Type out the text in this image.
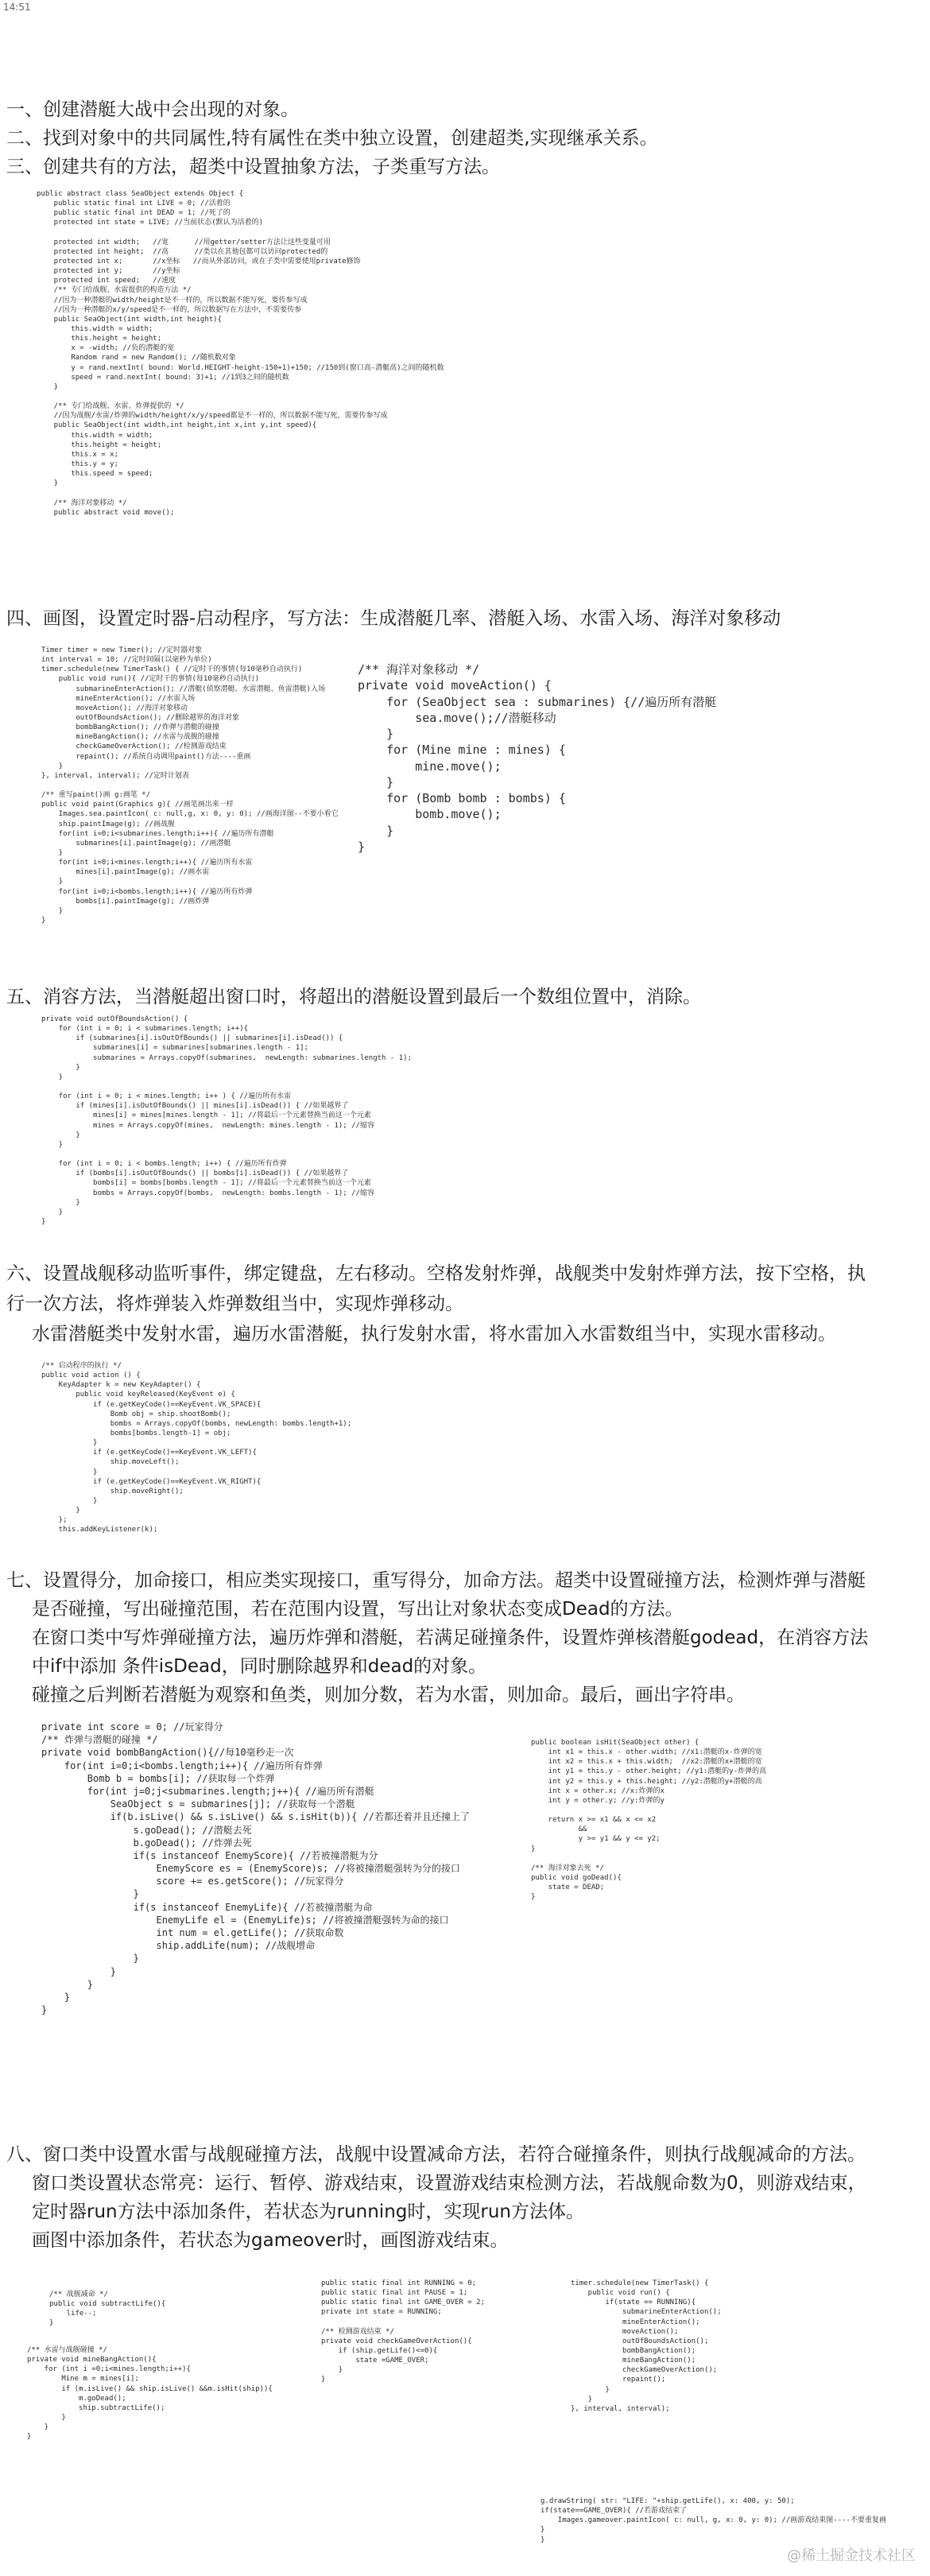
14:51
一、创建潜艇大战中会出现的对象。
二、找到对象中的共同属性,特有属性在类中独立设置，创建超类,实现继承关系。
三、创建共有的方法，超类中设置抽象方法，子类重写方法。
public abstract class SeaObject extends Object {
public static final int LIVE = 0; //活着的
public static final int DEAD = 1; //死了的
protected int state = LIVE; //当前状态(默认为活着的)

protected int width;   //宽      //用getter/setter方法让这些变量可用
protected int height;  //高      //类以在其他包都可以访问protected的
protected int x;       //x坐标   //而从外部访问，或在子类中需要使用private修饰
protected int y;       //y坐标
protected int speed;   //速度
/** 专门给战舰、水雷提供的构造方法 */
//因为一种潜艇的width/height是不一样的，所以数据不能写死，要传参写成
//因为一种潜艇的x/y/speed是不一样的，所以数据写在方法中，不需要传参
public SeaObject(int width,int height){
this.width = width;
this.height = height;
x = -width; //负的潜艇的宽
Random rand = new Random(); //随机数对象
y = rand.nextInt( bound: World.HEIGHT-height-150+1)+150; //150到(窗口高-潜艇高)之间的随机数
speed = rand.nextInt( bound: 3)+1; //1到3之间的随机数
}

/** 专门给战舰、水雷、炸弹提供的 */
//因为战舰/水雷/炸弹的width/height/x/y/speed都是不一样的，所以数据不能写死，需要传参写成
public SeaObject(int width,int height,int x,int y,int speed){
this.width = width;
this.height = height;
this.x = x;
this.y = y;
this.speed = speed;
}

/** 海洋对象移动 */
public abstract void move();
四、画图，设置定时器-启动程序，写方法：生成潜艇几率、潜艇入场、水雷入场、海洋对象移动
Timer timer = new Timer(); //定时器对象
int interval = 10; //定时间隔(以毫秒为单位)
timer.schedule(new TimerTask() { //定时干的事情(每10毫秒自动执行)
public void run(){ //定时干的事情(每10毫秒自动执行)
submarineEnterAction(); //潜艇(侦察潜艇、水雷潜艇、鱼雷潜艇)入场
mineEnterAction(); //水雷入场
moveAction(); //海洋对象移动
outOfBoundsAction(); //删除越界的海洋对象
bombBangAction(); //炸弹与潜艇的碰撞
mineBangAction(); //水雷与战舰的碰撞
checkGameOverAction(); //检测游戏结束
repaint(); //系统自动调用paint()方法----重画
}
}, interval, interval); //定时计划表

/** 重写paint()画 g:画笔 */
public void paint(Graphics g){ //画笔画出来一样
Images.sea.paintIcon( c: null,g, x: 0, y: 0); //画海洋图--不要小看它
ship.paintImage(g); //画战舰
for(int i=0;i<submarines.length;i++){ //遍历所有潜艇
submarines[i].paintImage(g); //画潜艇
}
for(int i=0;i<mines.length;i++){ //遍历所有水雷
mines[i].paintImage(g); //画水雷
}
for(int i=0;i<bombs.length;i++){ //遍历所有炸弹
bombs[i].paintImage(g); //画炸弹
}
}
/** 海洋对象移动 */
private void moveAction() {
for (SeaObject sea : submarines) {//遍历所有潜艇
sea.move();//潜艇移动
}
for (Mine mine : mines) {
mine.move();
}
for (Bomb bomb : bombs) {
bomb.move();
}
}
五、消容方法，当潜艇超出窗口时，将超出的潜艇设置到最后一个数组位置中，消除。
private void outOfBoundsAction() {
for (int i = 0; i < submarines.length; i++){
if (submarines[i].isOutOfBounds() || submarines[i].isDead()) {
submarines[i] = submarines[submarines.length - 1];
submarines = Arrays.copyOf(submarines,  newLength: submarines.length - 1);
}
}

for (int i = 0; i < mines.length; i++ ) { //遍历所有水雷
if (mines[i].isOutOfBounds() || mines[i].isDead()) { //如果越界了
mines[i] = mines[mines.length - 1]; //将最后一个元素替换当前这一个元素
mines = Arrays.copyOf(mines,  newLength: mines.length - 1); //缩容
}
}

for (int i = 0; i < bombs.length; i++) { //遍历所有炸弹
if (bombs[i].isOutOfBounds() || bombs[i].isDead()) { //如果越界了
bombs[i] = bombs[bombs.length - 1]; //将最后一个元素替换当前这一个元素
bombs = Arrays.copyOf(bombs,  newLength: bombs.length - 1); //缩容
}
}
}
六、设置战舰移动监听事件，绑定键盘，左右移动。空格发射炸弹，战舰类中发射炸弹方法，按下空格，执
行一次方法，将炸弹装入炸弹数组当中，实现炸弹移动。
水雷潜艇类中发射水雷，遍历水雷潜艇，执行发射水雷，将水雷加入水雷数组当中，实现水雷移动。
/** 启动程序的执行 */
public void action () {
KeyAdapter k = new KeyAdapter() {
public void keyReleased(KeyEvent e) {
if (e.getKeyCode()==KeyEvent.VK_SPACE){
Bomb obj = ship.shootBomb();
bombs = Arrays.copyOf(bombs, newLength: bombs.length+1);
bombs[bombs.length-1] = obj;
}
if (e.getKeyCode()==KeyEvent.VK_LEFT){
ship.moveLeft();
}
if (e.getKeyCode()==KeyEvent.VK_RIGHT){
ship.moveRight();
}
}
};
this.addKeyListener(k);
七、设置得分，加命接口，相应类实现接口，重写得分，加命方法。超类中设置碰撞方法，检测炸弹与潜艇
是否碰撞，写出碰撞范围，若在范围内设置，写出让对象状态变成Dead的方法。
在窗口类中写炸弹碰撞方法，遍历炸弹和潜艇，若满足碰撞条件，设置炸弹核潜艇godead，在消容方法
中if中添加 条件isDead，同时删除越界和dead的对象。
碰撞之后判断若潜艇为观察和鱼类，则加分数，若为水雷，则加命。最后，画出字符串。
private int score = 0; //玩家得分
/** 炸弹与潜艇的碰撞 */
private void bombBangAction(){//每10毫秒走一次
for(int i=0;i<bombs.length;i++){ //遍历所有炸弹
Bomb b = bombs[i]; //获取每一个炸弹
for(int j=0;j<submarines.length;j++){ //遍历所有潜艇
SeaObject s = submarines[j]; //获取每一个潜艇
if(b.isLive() && s.isLive() && s.isHit(b)){ //若都还着并且还撞上了
s.goDead(); //潜艇去死
b.goDead(); //炸弹去死
if(s instanceof EnemyScore){ //若被撞潜艇为分
EnemyScore es = (EnemyScore)s; //将被撞潜艇强转为分的接口
score += es.getScore(); //玩家得分
}
if(s instanceof EnemyLife){ //若被撞潜艇为命
EnemyLife el = (EnemyLife)s; //将被撞潜艇强转为命的接口
int num = el.getLife(); //获取命数
ship.addLife(num); //战舰增命
}
}
}
}
}
public boolean isHit(SeaObject other) {
int x1 = this.x - other.width; //x1:潜艇的x-炸弹的宽
int x2 = this.x + this.width;  //x2:潜艇的x+潜艇的宽
int y1 = this.y - other.height; //y1:潜艇的y-炸弹的高
int y2 = this.y + this.height; //y2:潜艇的y+潜艇的高
int x = other.x; //x:炸弹的x
int y = other.y; //y:炸弹的y

return x >= x1 && x <= x2
&&
y >= y1 && y <= y2;
}

/** 海洋对象去死 */
public void goDead(){
state = DEAD;
}
八、窗口类中设置水雷与战舰碰撞方法，战舰中设置减命方法，若符合碰撞条件，则执行战舰减命的方法。
窗口类设置状态常亮：运行、暂停、游戏结束，设置游戏结束检测方法，若战舰命数为0，则游戏结束，
定时器run方法中添加条件，若状态为running时，实现run方法体。
画图中添加条件，若状态为gameover时，画图游戏结束。
/** 战舰减命 */
public void subtractLife(){
life--;
}
/** 水雷与战舰碰撞 */
private void mineBangAction(){
for (int i =0;i<mines.length;i++){
Mine m = mines[i];
if (m.isLive() && ship.isLive() &&m.isHit(ship)){
m.goDead();
ship.subtractLife();
}
}
}
public static final int RUNNING = 0;
public static final int PAUSE = 1;
public static final int GAME_OVER = 2;
private int state = RUNNING;

/** 检测游戏结束 */
private void checkGameOverAction(){
if (ship.getLife()<=0){
state =GAME_OVER;
}
}
timer.schedule(new TimerTask() {
public void run() {
if(state == RUNNING){
submarineEnterAction();
mineEnterAction();
moveAction();
outOfBoundsAction();
bombBangAction();
mineBangAction();
checkGameOverAction();
repaint();
}
}
}, interval, interval);
g.drawString( str: "LIFE: "+ship.getLife(), x: 400, y: 50);
if(state==GAME_OVER){ //若游戏结束了
Images.gameover.paintIcon( c: null, g, x: 0, y: 0); //画游戏结束图----不要重复画
}
}
@稀土掘金技术社区
